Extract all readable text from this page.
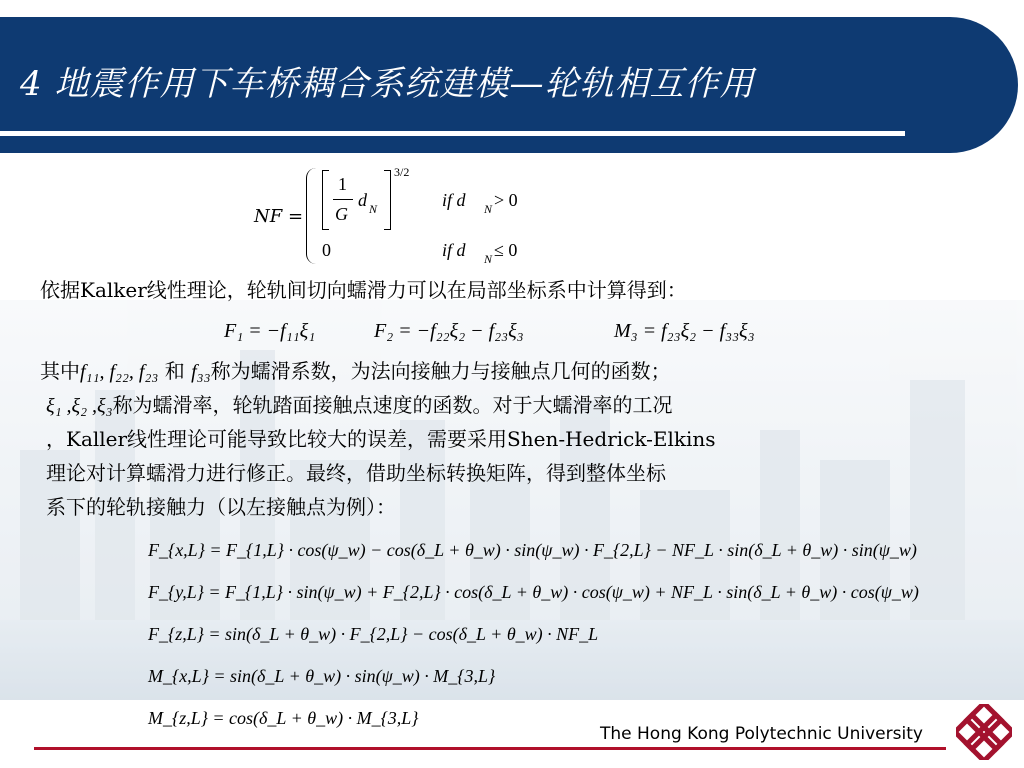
4 地震作用下车桥耦合系统建模—轮轨相互作用
NF =
1
G
d N
3/2
if d N > 0
0	if d N ≤ 0

依据Kalker线性理论，轮轨间切向蠕滑力可以在局部坐标系中计算得到：

F₁ = −f₁₁ξ₁	F₂ = −f₂₂ξ₂ − f₂₃ξ₃	M₃ = f₂₃ξ₂ − f₃₃ξ₃

其中f₁₁, f₂₂, f₂₃ 和 f₃₃称为蠕滑系数，为法向接触力与接触点几何的函数；

ξ₁ ,ξ₂ ,ξ₃称为蠕滑率，轮轨踏面接触点速度的函数。对于大蠕滑率的工况

，Kaller线性理论可能导致比较大的误差，需要采用Shen-Hedrick-Elkins

理论对计算蠕滑力进行修正。最终，借助坐标转换矩阵，得到整体坐标

系下的轮轨接触力（以左接触点为例）：

F_{x,L} = F_{1,L} · cos(ψ_w) − cos(δ_L + θ_w) · sin(ψ_w) · F_{2,L} − NF_L · sin(δ_L + θ_w) · sin(ψ_w)
F_{y,L} = F_{1,L} · sin(ψ_w) + F_{2,L} · cos(δ_L + θ_w) · cos(ψ_w) + NF_L · sin(δ_L + θ_w) · cos(ψ_w)
F_{z,L} = sin(δ_L + θ_w) · F_{2,L} − cos(δ_L + θ_w) · NF_L
M_{x,L} = sin(δ_L + θ_w) · sin(ψ_w) · M_{3,L}
M_{z,L} = cos(δ_L + θ_w) · M_{3,L}

The Hong Kong Polytechnic University
